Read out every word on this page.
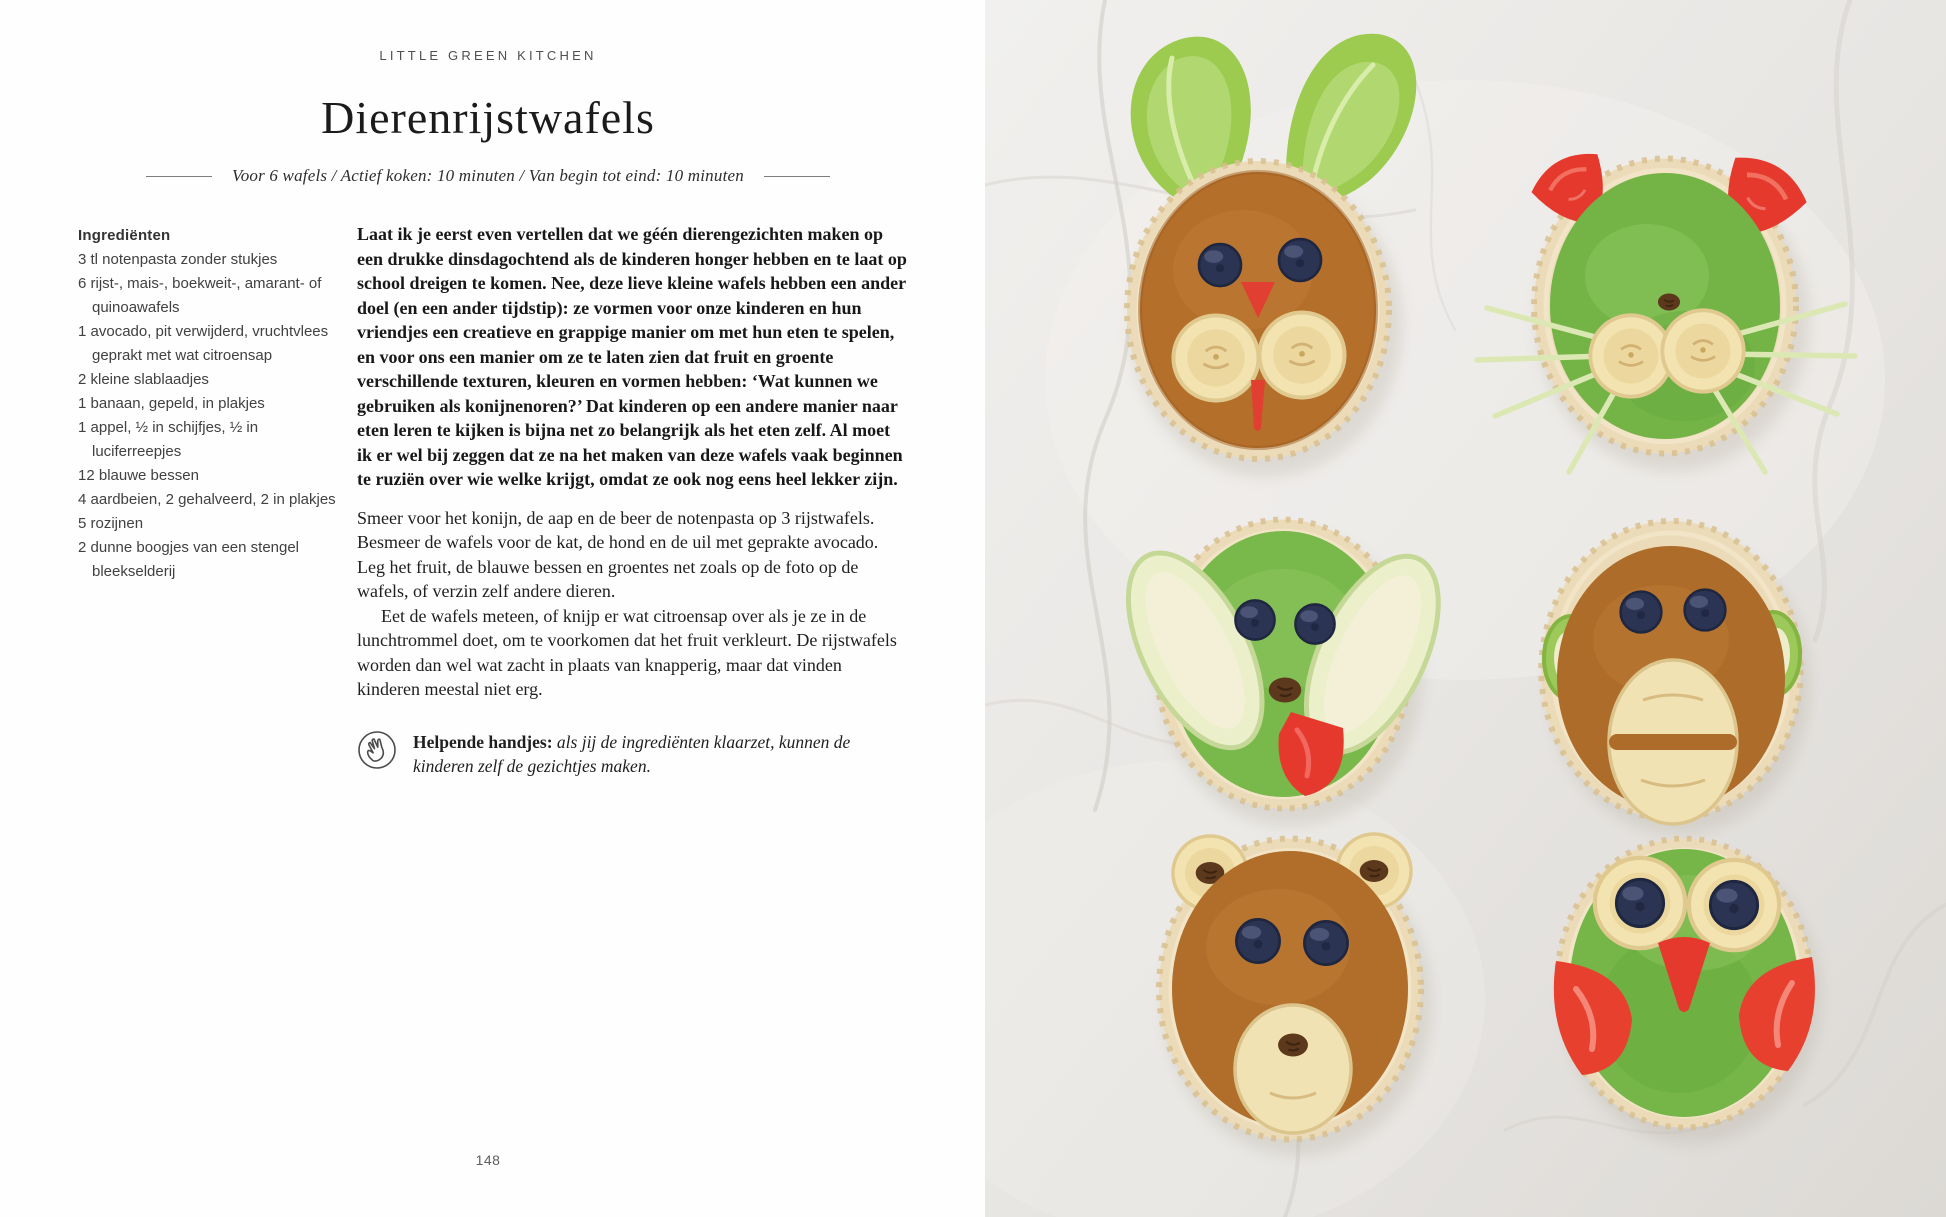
LITTLE GREEN KITCHEN
Dierenrijstwafels
Voor 6 wafels / Actief koken: 10 minuten / Van begin tot eind: 10 minuten
Ingrediënten
3 tl notenpasta zonder stukjes
6 rijst-, mais-, boekweit-, amarant- of quinoawafels
1 avocado, pit verwijderd, vruchtvlees geprakt met wat citroensap
2 kleine slablaadjes
1 banaan, gepeld, in plakjes
1 appel, ½ in schijfjes, ½ in luciferreepjes
12 blauwe bessen
4 aardbeien, 2 gehalveerd, 2 in plakjes
5 rozijnen
2 dunne boogjes van een stengel bleekselderij

Laat ik je eerst even vertellen dat we géén dierengezichten maken op een drukke dinsdagochtend als de kinderen honger hebben en te laat op school dreigen te komen. Nee, deze lieve kleine wafels hebben een ander doel (en een ander tijdstip): ze vormen voor onze kinderen en hun vriendjes een creatieve en grappige manier om met hun eten te spelen, en voor ons een manier om ze te laten zien dat fruit en groente verschillende texturen, kleuren en vormen hebben: ‘Wat kunnen we gebruiken als konijnenoren?’ Dat kinderen op een andere manier naar eten leren te kijken is bijna net zo belangrijk als het eten zelf. Al moet ik er wel bij zeggen dat ze na het maken van deze wafels vaak beginnen te ruziën over wie welke krijgt, omdat ze ook nog eens heel lekker zijn.

Smeer voor het konijn, de aap en de beer de notenpasta op 3 rijstwafels. Besmeer de wafels voor de kat, de hond en de uil met geprakte avocado. Leg het fruit, de blauwe bessen en groentes net zoals op de foto op de wafels, of verzin zelf andere dieren.

Eet de wafels meteen, of knijp er wat citroensap over als je ze in de lunchtrommel doet, om te voorkomen dat het fruit verkleurt. De rijstwafels worden dan wel wat zacht in plaats van knapperig, maar dat vinden kinderen meestal niet erg.

Helpende handjes: als jij de ingrediënten klaarzet, kunnen de kinderen zelf de gezichtjes maken.
148
